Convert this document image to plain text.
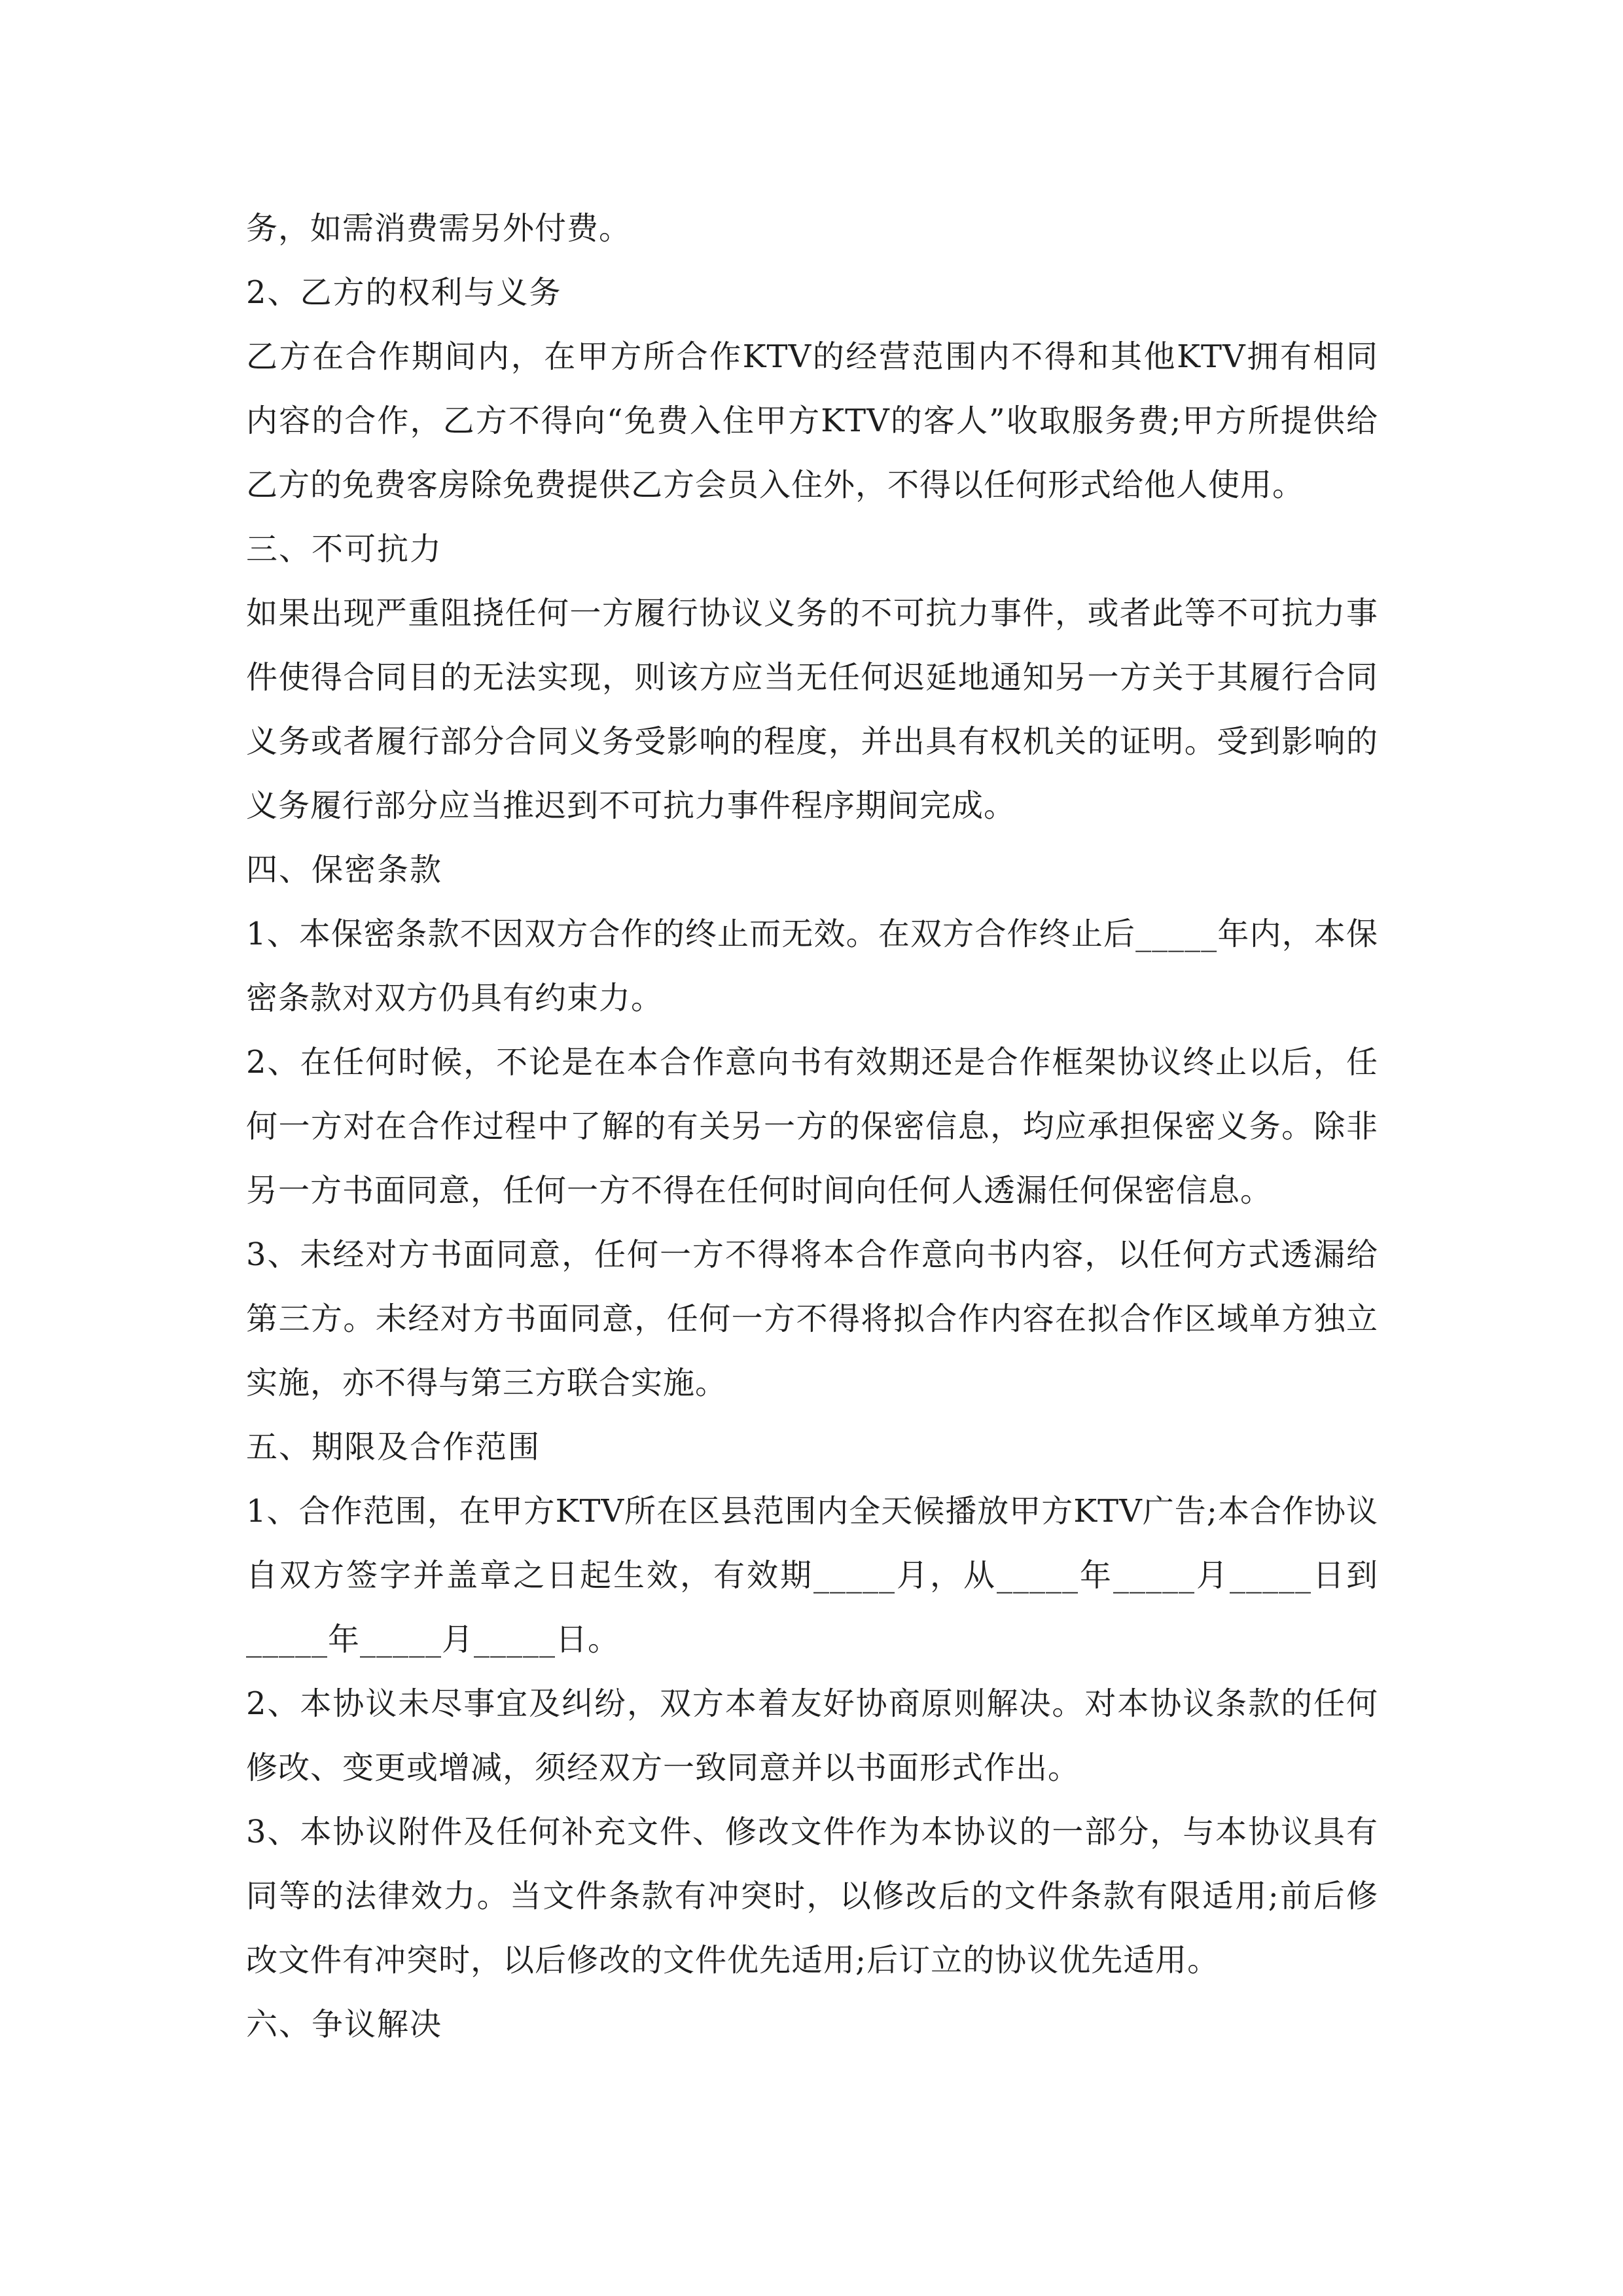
务，如需消费需另外付费。

2、乙方的权利与义务

乙方在合作期间内，在甲方所合作KTV的经营范围内不得和其他KTV拥有相同内容的合作，乙方不得向“免费入住甲方KTV的客人”收取服务费;甲方所提供给乙方的免费客房除免费提供乙方会员入住外，不得以任何形式给他人使用。

三、不可抗力

如果出现严重阻挠任何一方履行协议义务的不可抗力事件，或者此等不可抗力事件使得合同目的无法实现，则该方应当无任何迟延地通知另一方关于其履行合同义务或者履行部分合同义务受影响的程度，并出具有权机关的证明。受到影响的义务履行部分应当推迟到不可抗力事件程序期间完成。

四、保密条款

1、本保密条款不因双方合作的终止而无效。在双方合作终止后_____年内，本保密条款对双方仍具有约束力。

2、在任何时候，不论是在本合作意向书有效期还是合作框架协议终止以后，任何一方对在合作过程中了解的有关另一方的保密信息，均应承担保密义务。除非另一方书面同意，任何一方不得在任何时间向任何人透漏任何保密信息。

3、未经对方书面同意，任何一方不得将本合作意向书内容，以任何方式透漏给第三方。未经对方书面同意，任何一方不得将拟合作内容在拟合作区域单方独立实施，亦不得与第三方联合实施。

五、期限及合作范围

1、合作范围，在甲方KTV所在区县范围内全天候播放甲方KTV广告;本合作协议自双方签字并盖章之日起生效，有效期_____月，从_____年_____月_____日到_____年_____月_____日。

2、本协议未尽事宜及纠纷，双方本着友好协商原则解决。对本协议条款的任何修改、变更或增减，须经双方一致同意并以书面形式作出。

3、本协议附件及任何补充文件、修改文件作为本协议的一部分，与本协议具有同等的法律效力。当文件条款有冲突时，以修改后的文件条款有限适用;前后修改文件有冲突时，以后修改的文件优先适用;后订立的协议优先适用。

六、争议解决
